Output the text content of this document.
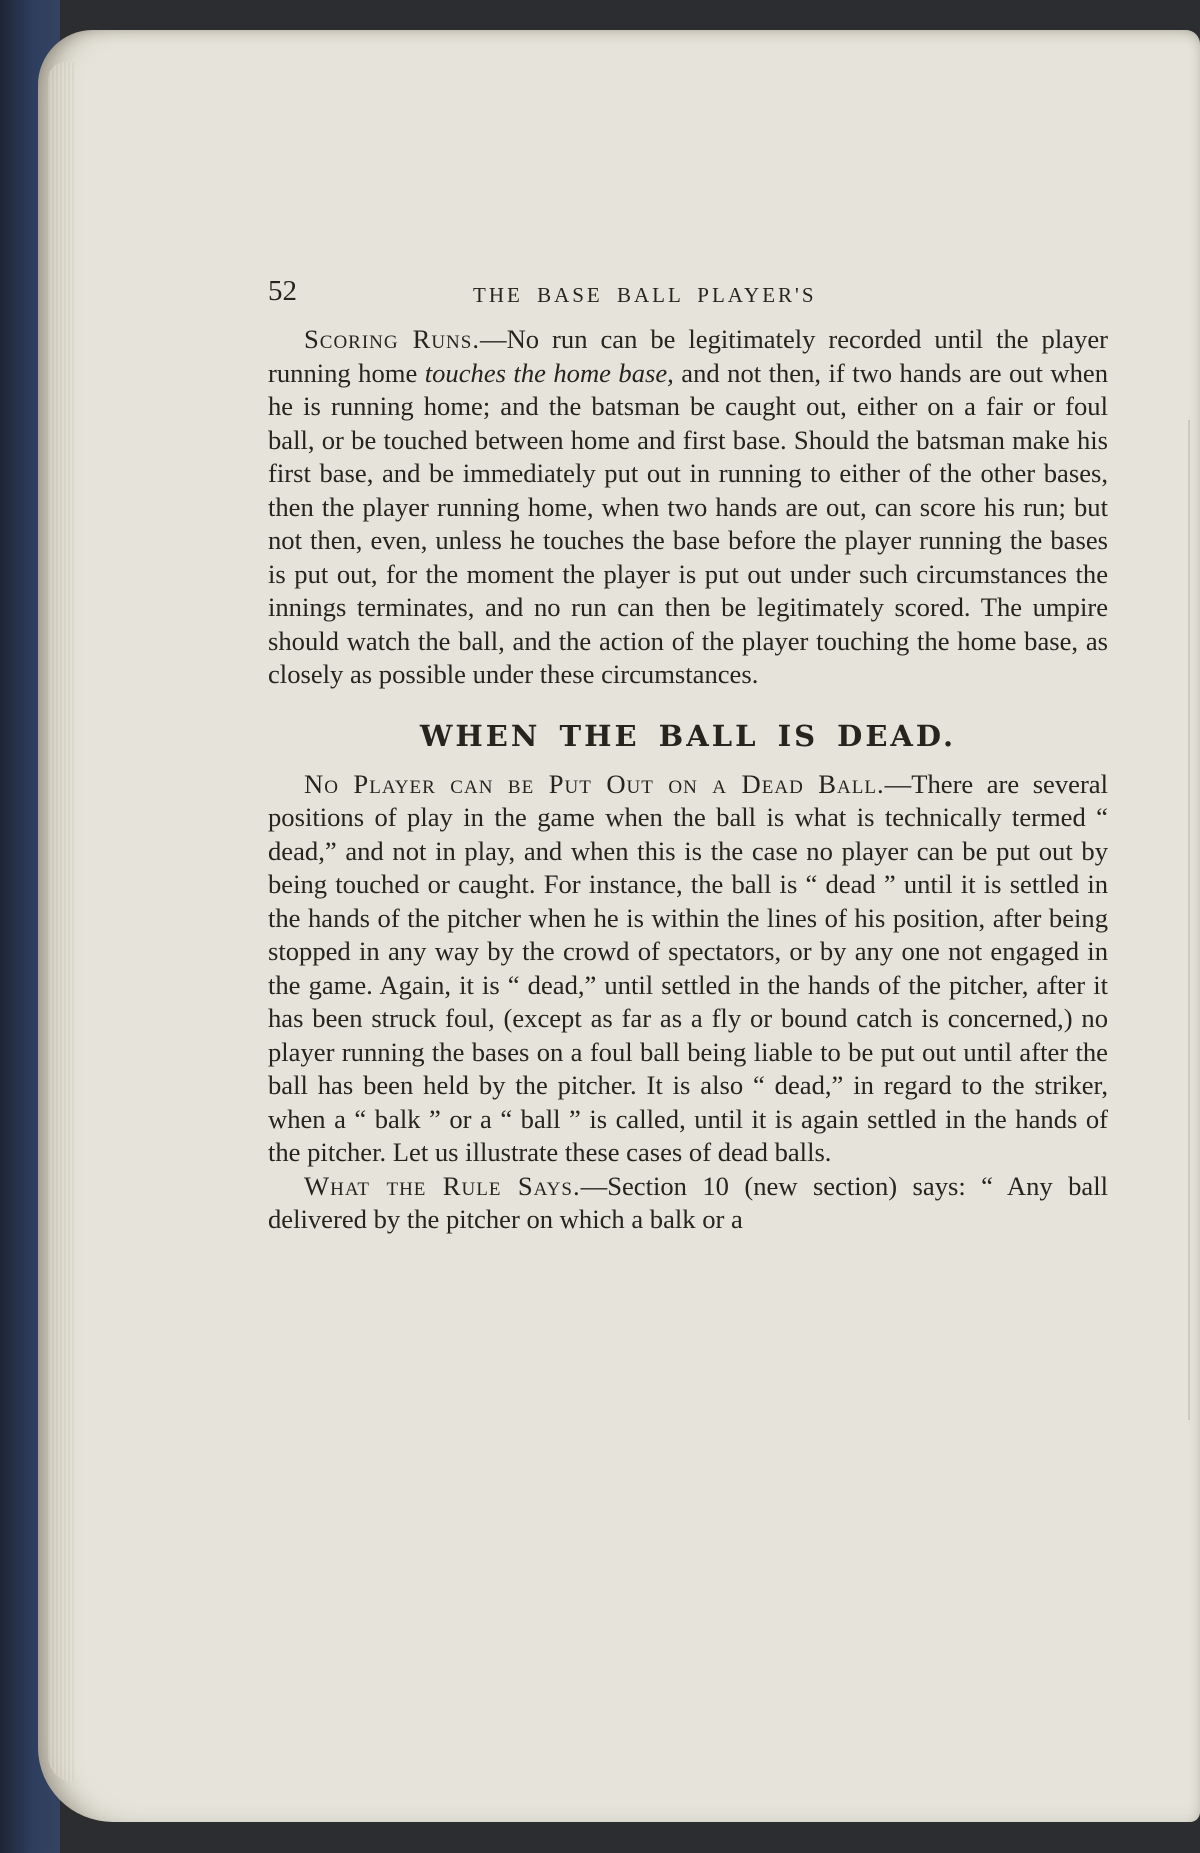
52	THE BASE BALL PLAYER'S

Scoring Runs.—No run can be legitimately recorded until the player running home touches the home base, and not then, if two hands are out when he is running home; and the batsman be caught out, either on a fair or foul ball, or be touched between home and first base. Should the batsman make his first base, and be immediately put out in running to either of the other bases, then the player running home, when two hands are out, can score his run; but not then, even, unless he touches the base before the player running the bases is put out, for the moment the player is put out under such circumstances the innings terminates, and no run can then be legitimately scored. The umpire should watch the ball, and the action of the player touching the home base, as closely as possible under these circumstances.

WHEN THE BALL IS DEAD.

No Player can be Put Out on a Dead Ball.—There are several positions of play in the game when the ball is what is technically termed “ dead,” and not in play, and when this is the case no player can be put out by being touched or caught. For instance, the ball is “ dead ” until it is settled in the hands of the pitcher when he is within the lines of his position, after being stopped in any way by the crowd of spectators, or by any one not engaged in the game. Again, it is “ dead,” until settled in the hands of the pitcher, after it has been struck foul, (except as far as a fly or bound catch is concerned,) no player running the bases on a foul ball being liable to be put out until after the ball has been held by the pitcher. It is also “ dead,” in regard to the striker, when a “ balk ” or a “ ball ” is called, until it is again settled in the hands of the pitcher. Let us illustrate these cases of dead balls.

What the Rule Says.—Section 10 (new section) says: “ Any ball delivered by the pitcher on which a balk or a
